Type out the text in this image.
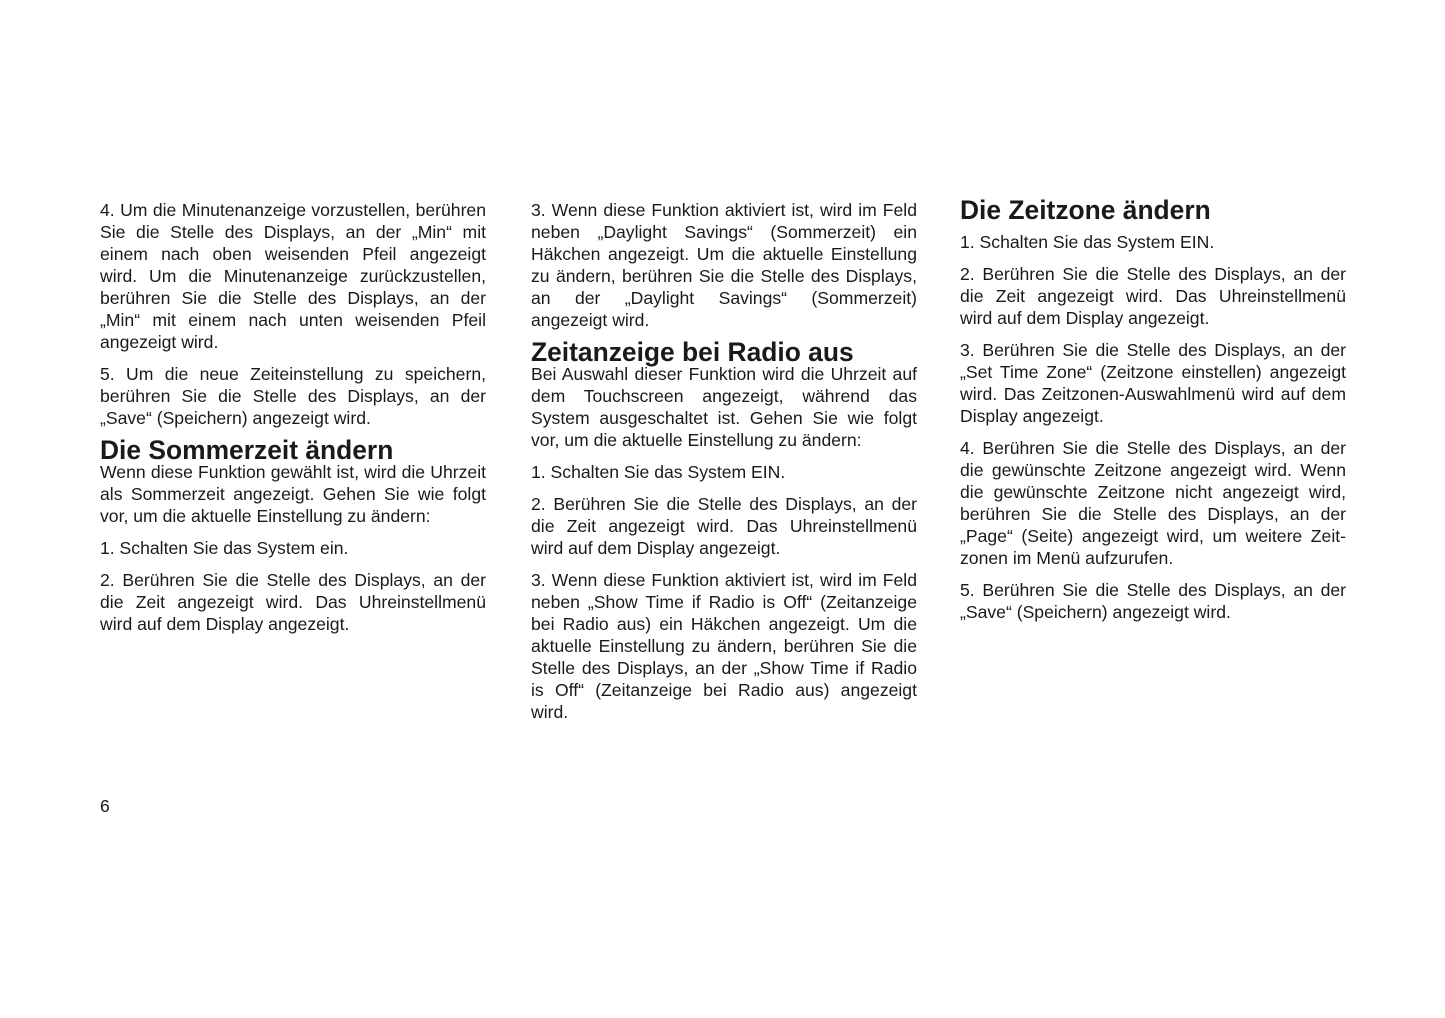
4. Um die Minutenanzeige vorzustellen, berühren Sie die Stelle des Displays, an der „Min“ mit einem nach oben weisenden Pfeil angezeigt wird. Um die Minutenanzeige zurückzustellen, berühren Sie die Stelle des Displays, an der „Min“ mit einem nach unten weisenden Pfeil angezeigt wird.

5. Um die neue Zeiteinstellung zu speichern, berühren Sie die Stelle des Displays, an der „Save“ (Speichern) angezeigt wird.

Die Sommerzeit ändern

Wenn diese Funktion gewählt ist, wird die Uhrzeit als Sommerzeit angezeigt. Gehen Sie wie folgt vor, um die aktuelle Einstellung zu ändern:

1. Schalten Sie das System ein.

2. Berühren Sie die Stelle des Displays, an der die Zeit angezeigt wird. Das Uhreinstellmenü wird auf dem Display angezeigt.

3. Wenn diese Funktion aktiviert ist, wird im Feld neben „Daylight Savings“ (Sommerzeit) ein Häkchen angezeigt. Um die aktuelle Einstellung zu ändern, berühren Sie die Stelle des Displays, an der „Daylight Savings“ (Sommerzeit) angezeigt wird.

Zeitanzeige bei Radio aus

Bei Auswahl dieser Funktion wird die Uhrzeit auf dem Touchscreen angezeigt, während das System ausgeschaltet ist. Gehen Sie wie folgt vor, um die aktuelle Einstellung zu ändern:

1. Schalten Sie das System EIN.

2. Berühren Sie die Stelle des Displays, an der die Zeit angezeigt wird. Das Uhreinstellmenü wird auf dem Display angezeigt.

3. Wenn diese Funktion aktiviert ist, wird im Feld neben „Show Time if Radio is Off“ (Zeitanzeige bei Radio aus) ein Häkchen angezeigt. Um die aktuelle Einstellung zu ändern, berühren Sie die Stelle des Displays, an der „Show Time if Radio is Off“ (Zeitanzeige bei Radio aus) angezeigt wird.

Die Zeitzone ändern

1. Schalten Sie das System EIN.

2. Berühren Sie die Stelle des Displays, an der die Zeit angezeigt wird. Das Uhreinstellmenü wird auf dem Display angezeigt.

3. Berühren Sie die Stelle des Displays, an der „Set Time Zone“ (Zeitzone einstellen) angezeigt wird. Das Zeitzonen-Auswahlmenü wird auf dem Display angezeigt.

4. Berühren Sie die Stelle des Displays, an der die gewünschte Zeitzone angezeigt wird. Wenn die gewünschte Zeitzone nicht angezeigt wird, berühren Sie die Stelle des Displays, an der „Page“ (Seite) angezeigt wird, um weitere Zeitzonen im Menü aufzurufen.

5. Berühren Sie die Stelle des Displays, an der „Save“ (Speichern) angezeigt wird.

6
